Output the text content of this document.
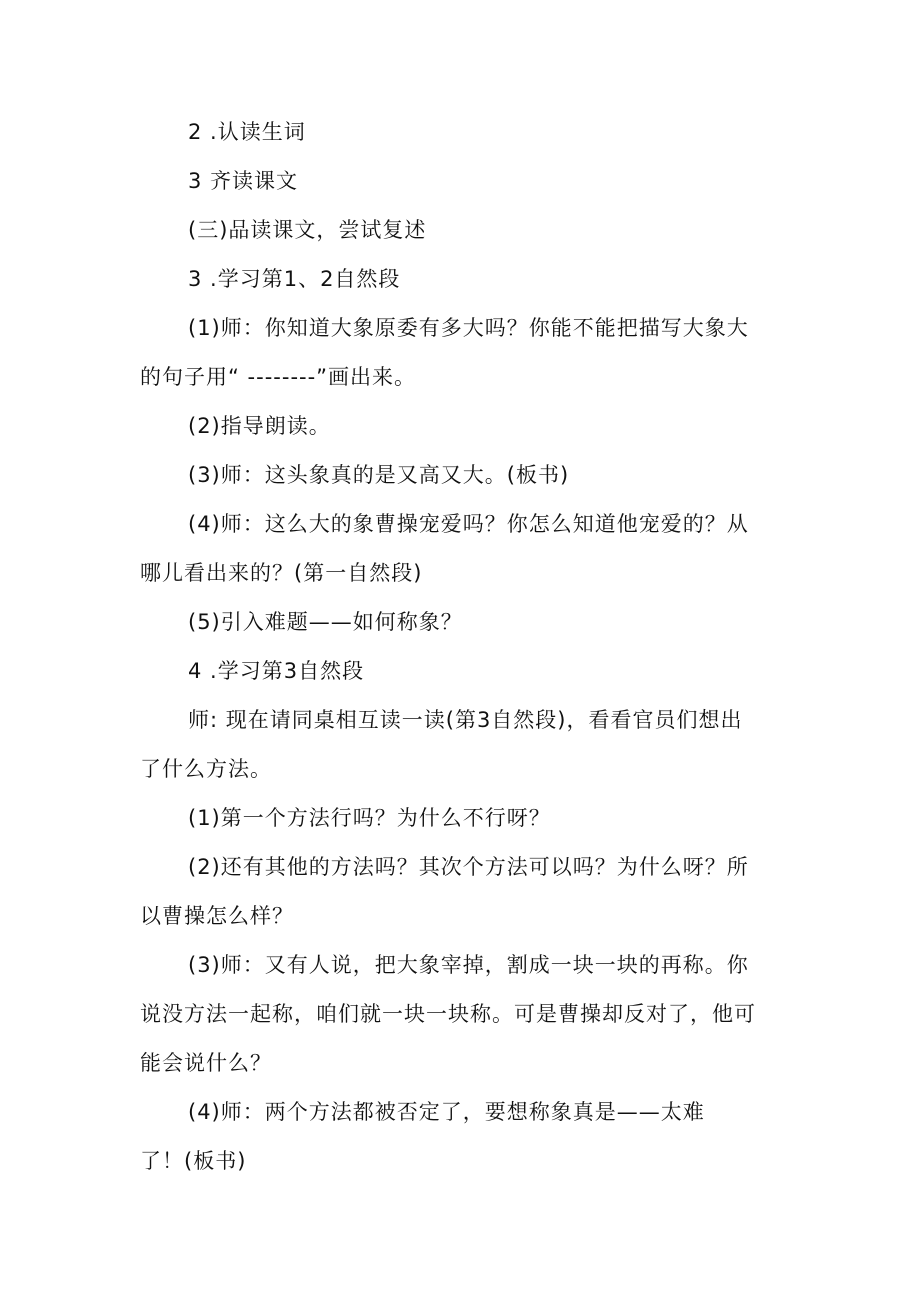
2 .认读生词
3 齐读课文
(三)品读课文，尝试复述
3 .学习第1、2自然段
(1)师：你知道大象原委有多大吗？你能不能把描写大象大
的句子用“ --------”画出来。
(2)指导朗读。
(3)师：这头象真的是又高又大。(板书)
(4)师：这么大的象曹操宠爱吗？你怎么知道他宠爱的？从
哪儿看出来的？(第一自然段)
(5)引入难题——如何称象？
4 .学习第3自然段
师: 现在请同桌相互读一读(第3自然段)，看看官员们想出
了什么方法。
(1)第一个方法行吗？为什么不行呀？
(2)还有其他的方法吗？其次个方法可以吗？为什么呀？所
以曹操怎么样？
(3)师：又有人说，把大象宰掉，割成一块一块的再称。你
说没方法一起称，咱们就一块一块称。可是曹操却反对了，他可
能会说什么？
(4)师：两个方法都被否定了，要想称象真是——太难
了！(板书)
